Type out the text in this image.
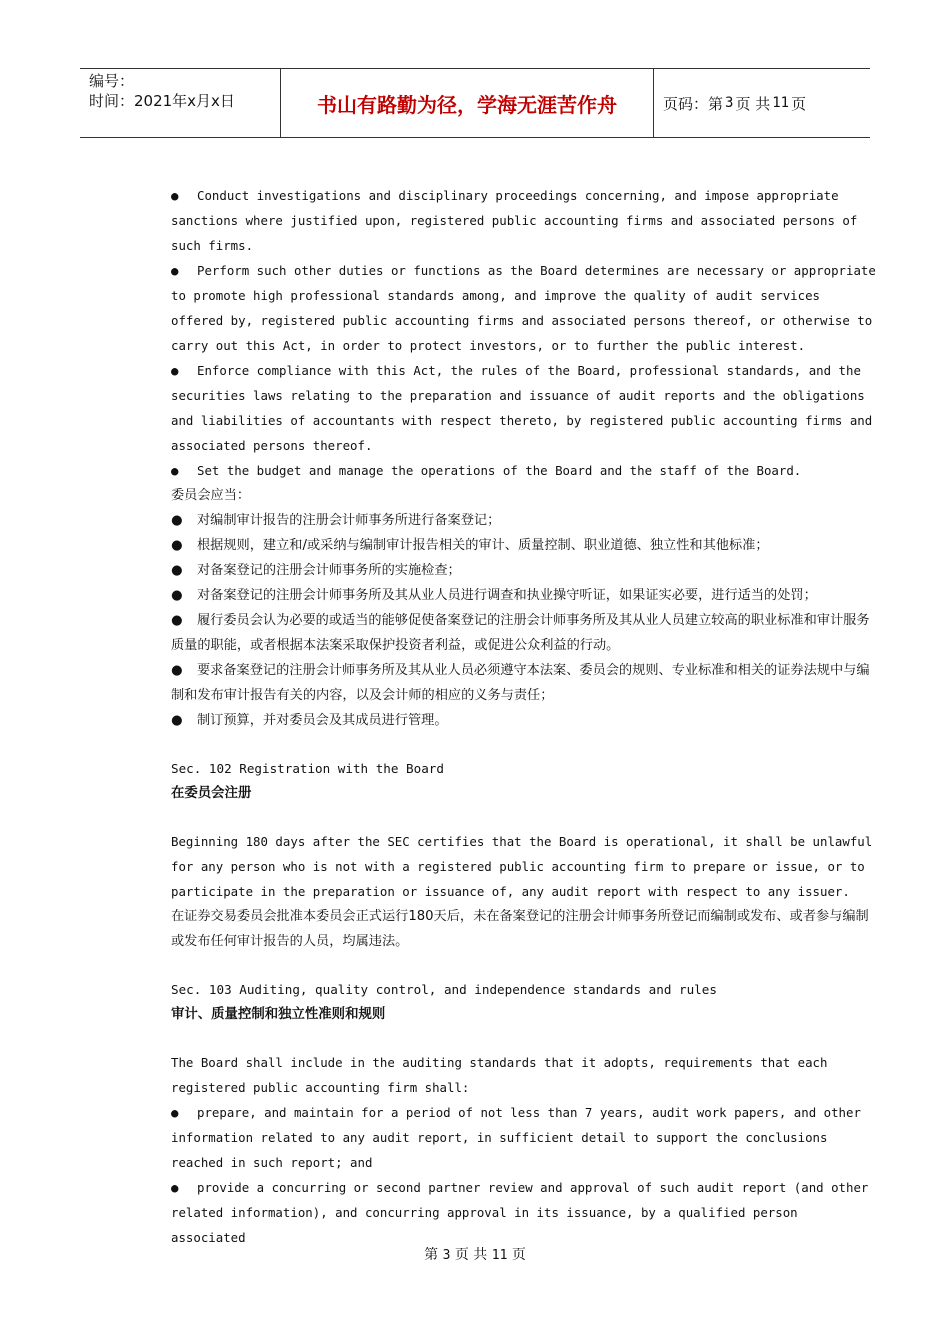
编号：
时间：2021年x月x日	书山有路勤为径，学海无涯苦作舟	页码：第 3 页 共 11 页

● Conduct investigations and disciplinary proceedings concerning, and impose appropriate sanctions where justified upon, registered public accounting firms and associated persons of such firms.

● Perform such other duties or functions as the Board determines are necessary or appropriate to promote high professional standards among, and improve the quality of audit services offered by, registered public accounting firms and associated persons thereof, or otherwise to carry out this Act, in order to protect investors, or to further the public interest.

● Enforce compliance with this Act, the rules of the Board, professional standards, and the securities laws relating to the preparation and issuance of audit reports and the obligations and liabilities of accountants with respect thereto, by registered public accounting firms and associated persons thereof.

● Set the budget and manage the operations of the Board and the staff of the Board.

委员会应当：

● 对编制审计报告的注册会计师事务所进行备案登记；

● 根据规则，建立和/或采纳与编制审计报告相关的审计、质量控制、职业道德、独立性和其他标准；

● 对备案登记的注册会计师事务所的实施检查；

● 对备案登记的注册会计师事务所及其从业人员进行调查和执业操守听证，如果证实必要，进行适当的处罚；

● 履行委员会认为必要的或适当的能够促使备案登记的注册会计师事务所及其从业人员建立较高的职业标准和审计服务质量的职能，或者根据本法案采取保护投资者利益，或促进公众利益的行动。

● 要求备案登记的注册会计师事务所及其从业人员必须遵守本法案、委员会的规则、专业标准和相关的证券法规中与编制和发布审计报告有关的内容，以及会计师的相应的义务与责任；

● 制订预算，并对委员会及其成员进行管理。

Sec. 102 Registration with the Board

在委员会注册

Beginning 180 days after the SEC certifies that the Board is operational, it shall be unlawful for any person who is not with a registered public accounting firm to prepare or issue, or to participate in the preparation or issuance of, any audit report with respect to any issuer.

在证券交易委员会批准本委员会正式运行180天后，未在备案登记的注册会计师事务所登记而编制或发布、或者参与编制或发布任何审计报告的人员，均属违法。

Sec. 103 Auditing, quality control, and independence standards and rules

审计、质量控制和独立性准则和规则

The Board shall include in the auditing standards that it adopts, requirements that each registered public accounting firm shall:

● prepare, and maintain for a period of not less than 7 years, audit work papers, and other information related to any audit report, in sufficient detail to support the conclusions reached in such report; and

● provide a concurring or second partner review and approval of such audit report (and other related information), and concurring approval in its issuance, by a qualified person associated

第 3 页 共 11 页
